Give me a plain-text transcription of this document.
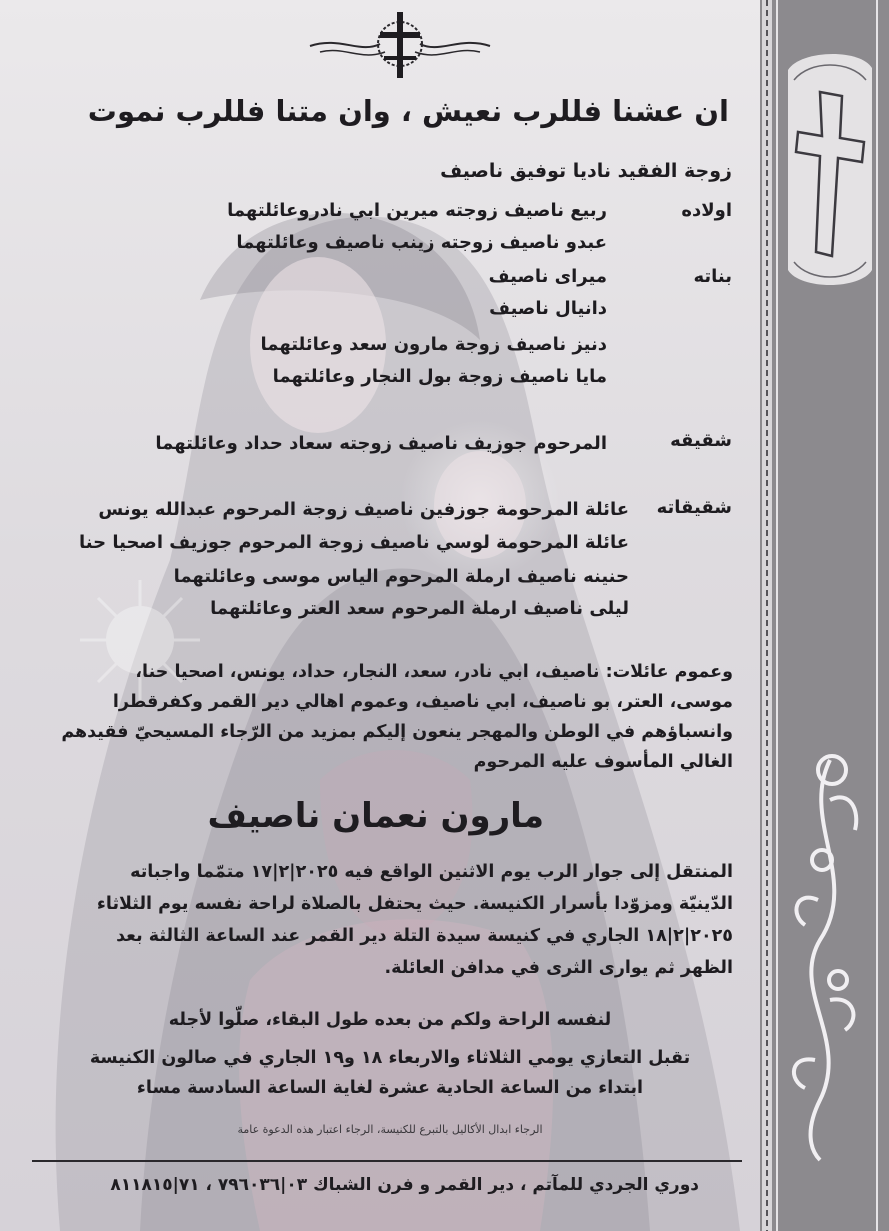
ان عشنا فللرب نعيش ، وان متنا فللرب نموت
زوجة الفقيد ناديا توفيق ناصيف
اولاده
ربيع ناصيف زوجته ميرين ابي نادروعائلتهما
عبدو ناصيف زوجته زينب ناصيف وعائلتهما
بناته
ميراى ناصيف
دانيال ناصيف
دنيز ناصيف زوجة مارون سعد وعائلتهما
مايا ناصيف زوجة بول النجار وعائلتهما
شقيقه
المرحوم جوزيف ناصيف زوجته سعاد حداد وعائلتهما
شقيقاته
عائلة المرحومة جوزفين ناصيف زوجة المرحوم عبدالله يونس
عائلة المرحومة لوسي ناصيف زوجة المرحوم جوزيف اصحيا حنا
حنينه ناصيف ارملة المرحوم الياس موسى وعائلتهما
ليلى ناصيف ارملة المرحوم سعد العتر وعائلتهما
وعموم عائلات: ناصيف، ابي نادر، سعد، النجار، حداد، يونس، اصحيا حنا،
موسى، العتر، بو ناصيف، ابي ناصيف، وعموم اهالي دير القمر وكفرقطرا
وانسباؤهم في الوطن والمهجر ينعون إليكم بمزيد من الرّجاء المسيحيّ فقيدهم
الغالي المأسوف عليه المرحوم
مارون نعمان ناصيف
المنتقل إلى جوار الرب يوم الاثنين الواقع فيه ٢٠٢٥|٢|١٧ متمّما واجباته
الدّينيّة ومزوّدا بأسرار الكنيسة. حيث يحتفل بالصلاة لراحة نفسه يوم الثلاثاء
٢٠٢٥|٢|١٨ الجاري في كنيسة سيدة التلة دير القمر عند الساعة الثالثة بعد
الظهر ثم يوارى الثرى في مدافن العائلة.
لنفسه الراحة ولكم من بعده طول البقاء، صلّوا لأجله
تقبل التعازي يومي الثلاثاء والاربعاء ١٨ و١٩ الجاري في صالون الكنيسة
ابتداء من الساعة الحادية عشرة لغاية الساعة السادسة مساء
الرجاء ابدال الأكاليل بالتبرع للكنيسة، الرجاء اعتبار هذه الدعوة عامة
دوري الجردي للمآتم ، دير القمر و فرن الشباك ٠٣|٧٩٦٠٣٦ ، ٧١|٨١١٨١٥
